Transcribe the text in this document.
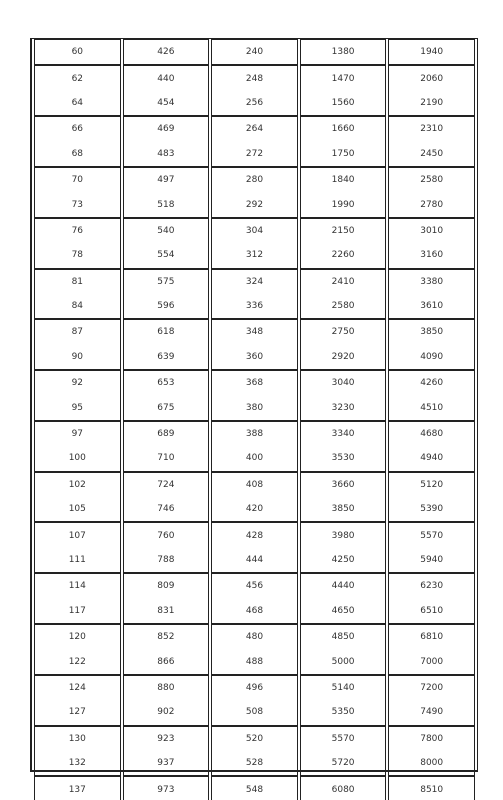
60	426	240	1380	1940
62	440	248	1470	2060
64	454	256	1560	2190
66	469	264	1660	2310
68	483	272	1750	2450
70	497	280	1840	2580
73	518	292	1990	2780
76	540	304	2150	3010
78	554	312	2260	3160
81	575	324	2410	3380
84	596	336	2580	3610
87	618	348	2750	3850
90	639	360	2920	4090
92	653	368	3040	4260
95	675	380	3230	4510
97	689	388	3340	4680
100	710	400	3530	4940
102	724	408	3660	5120
105	746	420	3850	5390
107	760	428	3980	5570
111	788	444	4250	5940
114	809	456	4440	6230
117	831	468	4650	6510
120	852	480	4850	6810
122	866	488	5000	7000
124	880	496	5140	7200
127	902	508	5350	7490
130	923	520	5570	7800
132	937	528	5720	8000
137	973	548	6080	8510
